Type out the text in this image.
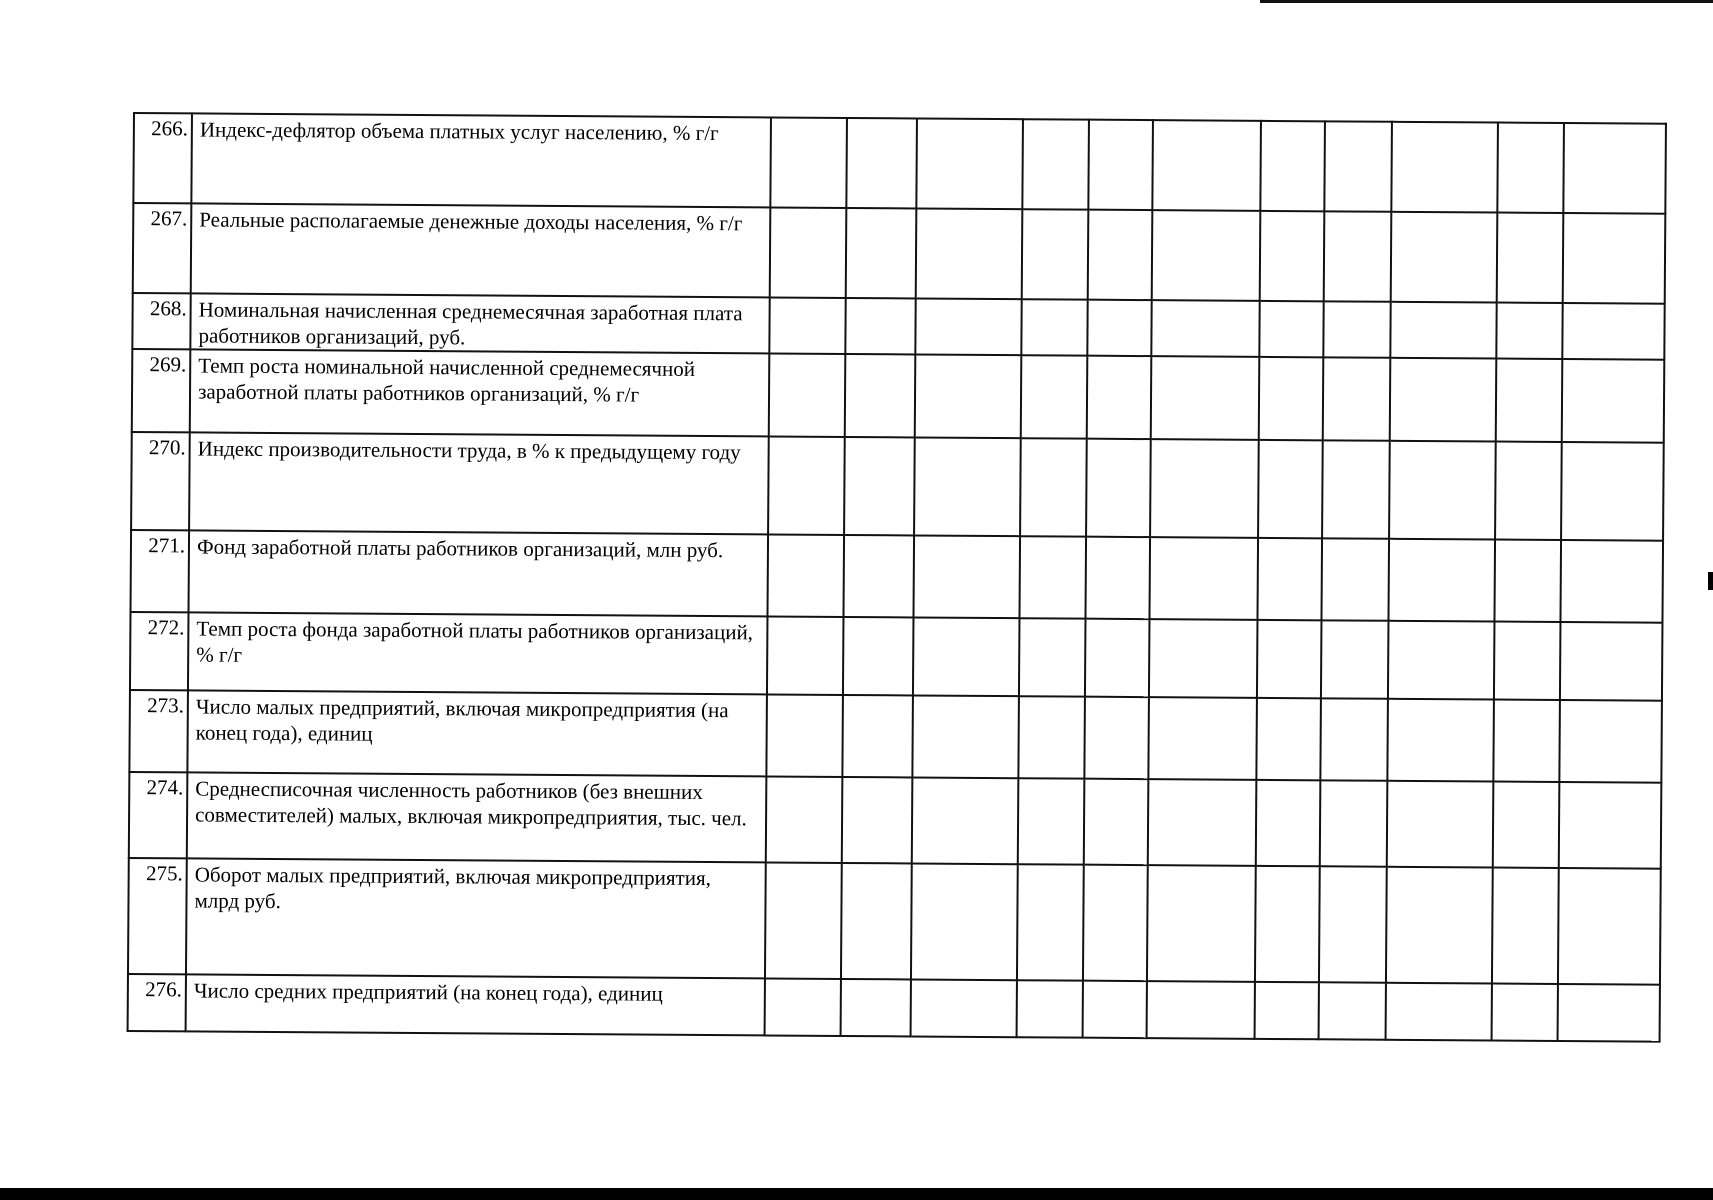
266.	Индекс-дефлятор объема платных услуг населению, % г/г											
267.	Реальные располагаемые денежные доходы населения, % г/г											
268.	Номинальная начисленная среднемесячная заработная плата работников организаций, руб.											
269.	Темп роста номинальной начисленной среднемесячной заработной платы работников организаций, % г/г											
270.	Индекс производительности труда, в % к предыдущему году											
271.	Фонд заработной платы работников организаций, млн руб.											
272.	Темп роста фонда заработной платы работников организаций, % г/г											
273.	Число малых предприятий, включая микропредприятия (на конец года), единиц											
274.	Среднесписочная численность работников (без внешних совместителей) малых, включая микропредприятия, тыс. чел.											
275.	Оборот малых предприятий, включая микропредприятия, млрд руб.											
276.	Число средних предприятий (на конец года), единиц											
